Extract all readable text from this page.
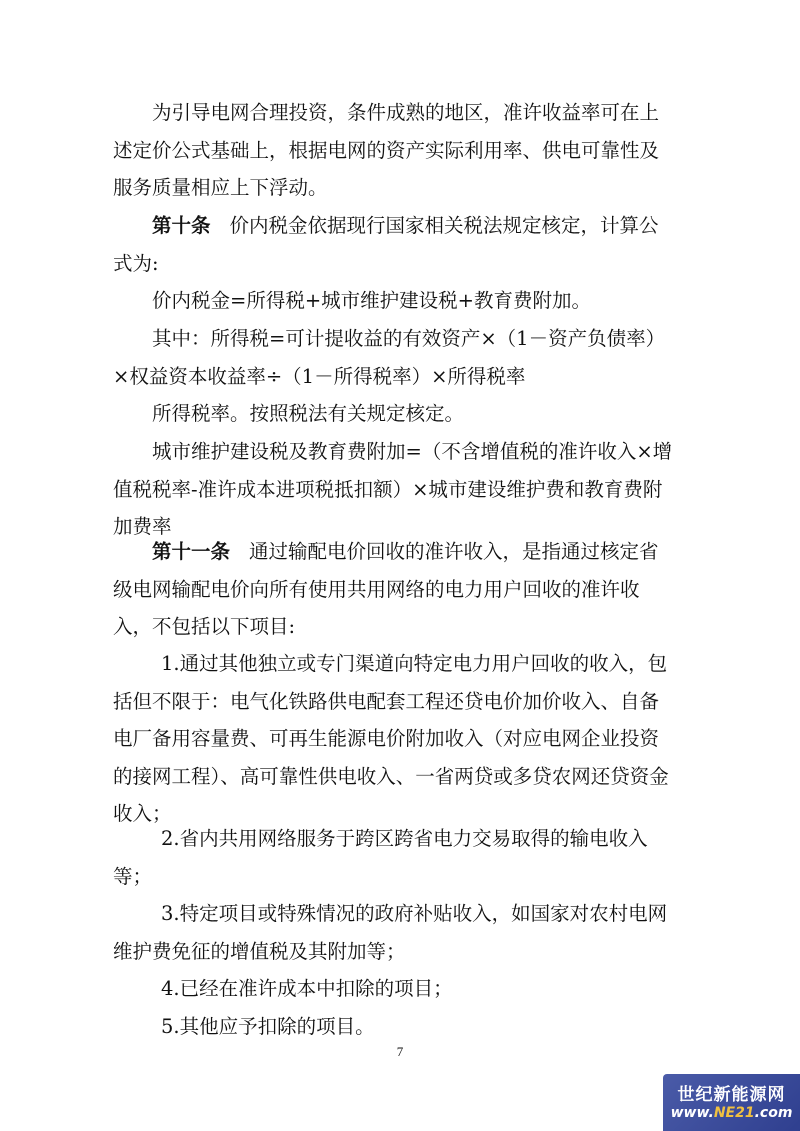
为引导电网合理投资，条件成熟的地区，准许收益率可在上
述定价公式基础上，根据电网的资产实际利用率、供电可靠性及
服务质量相应上下浮动。
第十条 价内税金依据现行国家相关税法规定核定，计算公
式为:
价内税金=所得税+城市维护建设税+教育费附加。
其中：所得税=可计提收益的有效资产×（1－资产负债率）
×权益资本收益率÷（1－所得税率）×所得税率
所得税率。按照税法有关规定核定。
城市维护建设税及教育费附加=（不含增值税的准许收入×增
值税税率-准许成本进项税抵扣额）×城市建设维护费和教育费附
加费率
第十一条 通过输配电价回收的准许收入，是指通过核定省
级电网输配电价向所有使用共用网络的电力用户回收的准许收
入，不包括以下项目:
1.通过其他独立或专门渠道向特定电力用户回收的收入，包
括但不限于：电气化铁路供电配套工程还贷电价加价收入、自备
电厂备用容量费、可再生能源电价附加收入（对应电网企业投资
的接网工程）、高可靠性供电收入、一省两贷或多贷农网还贷资金
收入；
2.省内共用网络服务于跨区跨省电力交易取得的输电收入
等；
3.特定项目或特殊情况的政府补贴收入，如国家对农村电网
维护费免征的增值税及其附加等；
4.已经在准许成本中扣除的项目；
5.其他应予扣除的项目。
7
世纪新能源网
www.NE21.com
